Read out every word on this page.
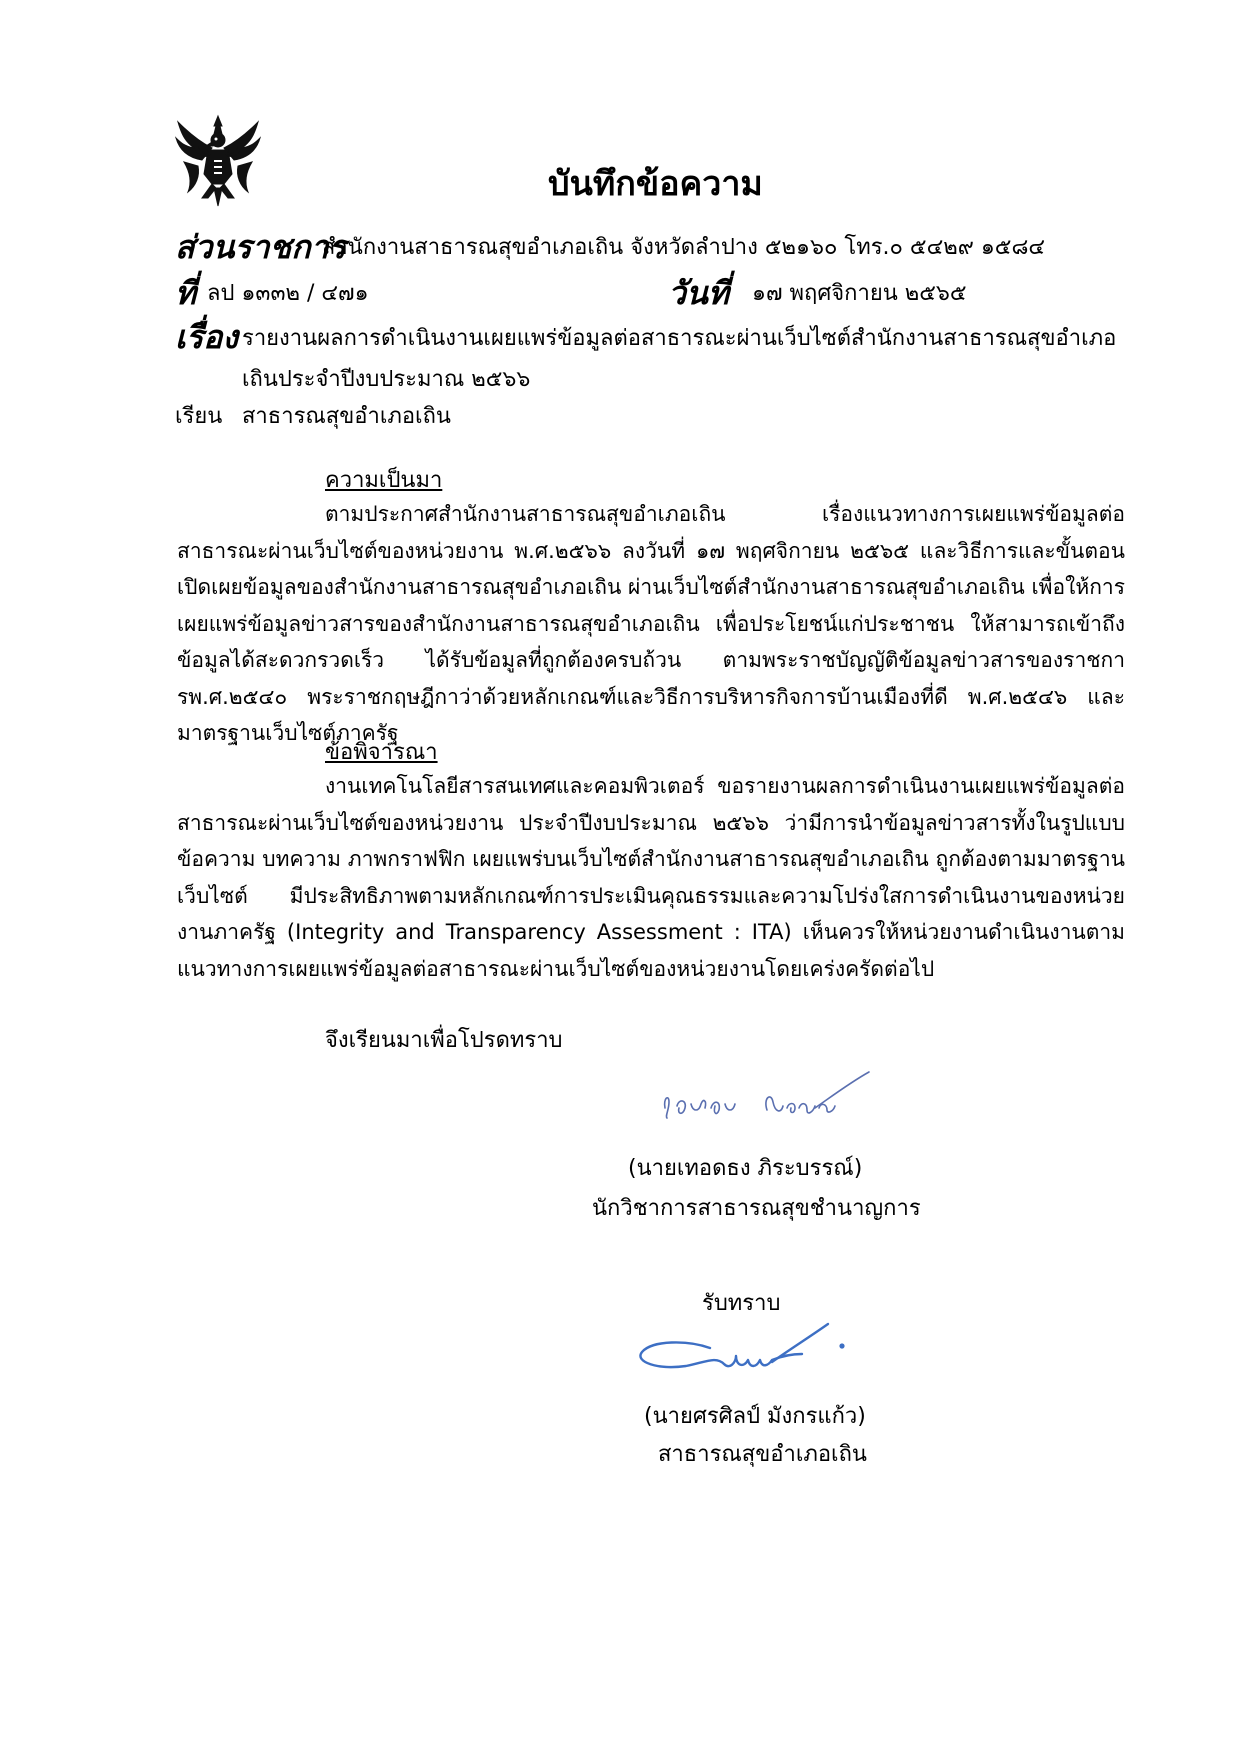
บันทึกข้อความ
ส่วนราชการ
สำนักงานสาธารณสุขอำเภอเถิน จังหวัดลำปาง ๕๒๑๖๐ โทร.๐ ๕๔๒๙ ๑๕๘๔
ที่ ลป ๑๓๓๒ / ๔๗๑	วันที่ ๑๗ พฤศจิกายน ๒๕๖๕
เรื่อง รายงานผลการดำเนินงานเผยแพร่ข้อมูลต่อสาธารณะผ่านเว็บไซต์สำนักงานสาธารณสุขอำเภอ
เถินประจำปีงบประมาณ ๒๕๖๖
เรียน สาธารณสุขอำเภอเถิน
ความเป็นมา
ตามประกาศสำนักงานสาธารณสุขอำเภอเถิน เรื่องแนวทางการเผยแพร่ข้อมูลต่อสาธารณะผ่านเว็บไซต์ของหน่วยงาน พ.ศ.๒๕๖๖ ลงวันที่ ๑๗ พฤศจิกายน ๒๕๖๕ และวิธีการและขั้นตอนเปิดเผยข้อมูลของสำนักงานสาธารณสุขอำเภอเถิน ผ่านเว็บไซต์สำนักงานสาธารณสุขอำเภอเถิน เพื่อให้การเผยแพร่ข้อมูลข่าวสารของสำนักงานสาธารณสุขอำเภอเถิน เพื่อประโยชน์แก่ประชาชน ให้สามารถเข้าถึงข้อมูลได้สะดวกรวดเร็ว ได้รับข้อมูลที่ถูกต้องครบถ้วน ตามพระราชบัญญัติข้อมูลข่าวสารของราชการพ.ศ.๒๕๔๐ พระราชกฤษฎีกาว่าด้วยหลักเกณฑ์และวิธีการบริหารกิจการบ้านเมืองที่ดี พ.ศ.๒๕๔๖ และมาตรฐานเว็บไซต์ภาครัฐ
ข้อพิจารณา
งานเทคโนโลยีสารสนเทศและคอมพิวเตอร์ ขอรายงานผลการดำเนินงานเผยแพร่ข้อมูลต่อสาธารณะผ่านเว็บไซต์ของหน่วยงาน ประจำปีงบประมาณ ๒๕๖๖ ว่ามีการนำข้อมูลข่าวสารทั้งในรูปแบบข้อความ บทความ ภาพกราฟฟิก เผยแพร่บนเว็บไซต์สำนักงานสาธารณสุขอำเภอเถิน ถูกต้องตามมาตรฐานเว็บไซต์ มีประสิทธิภาพตามหลักเกณฑ์การประเมินคุณธรรมและความโปร่งใสการดำเนินงานของหน่วยงานภาครัฐ (Integrity and Transparency Assessment : ITA) เห็นควรให้หน่วยงานดำเนินงานตามแนวทางการเผยแพร่ข้อมูลต่อสาธารณะผ่านเว็บไซต์ของหน่วยงานโดยเคร่งครัดต่อไป
จึงเรียนมาเพื่อโปรดทราบ
(นายเทอดธง ภิระบรรณ์)
นักวิชาการสาธารณสุขชำนาญการ
รับทราบ
(นายศรศิลป์ มังกรแก้ว)
สาธารณสุขอำเภอเถิน
